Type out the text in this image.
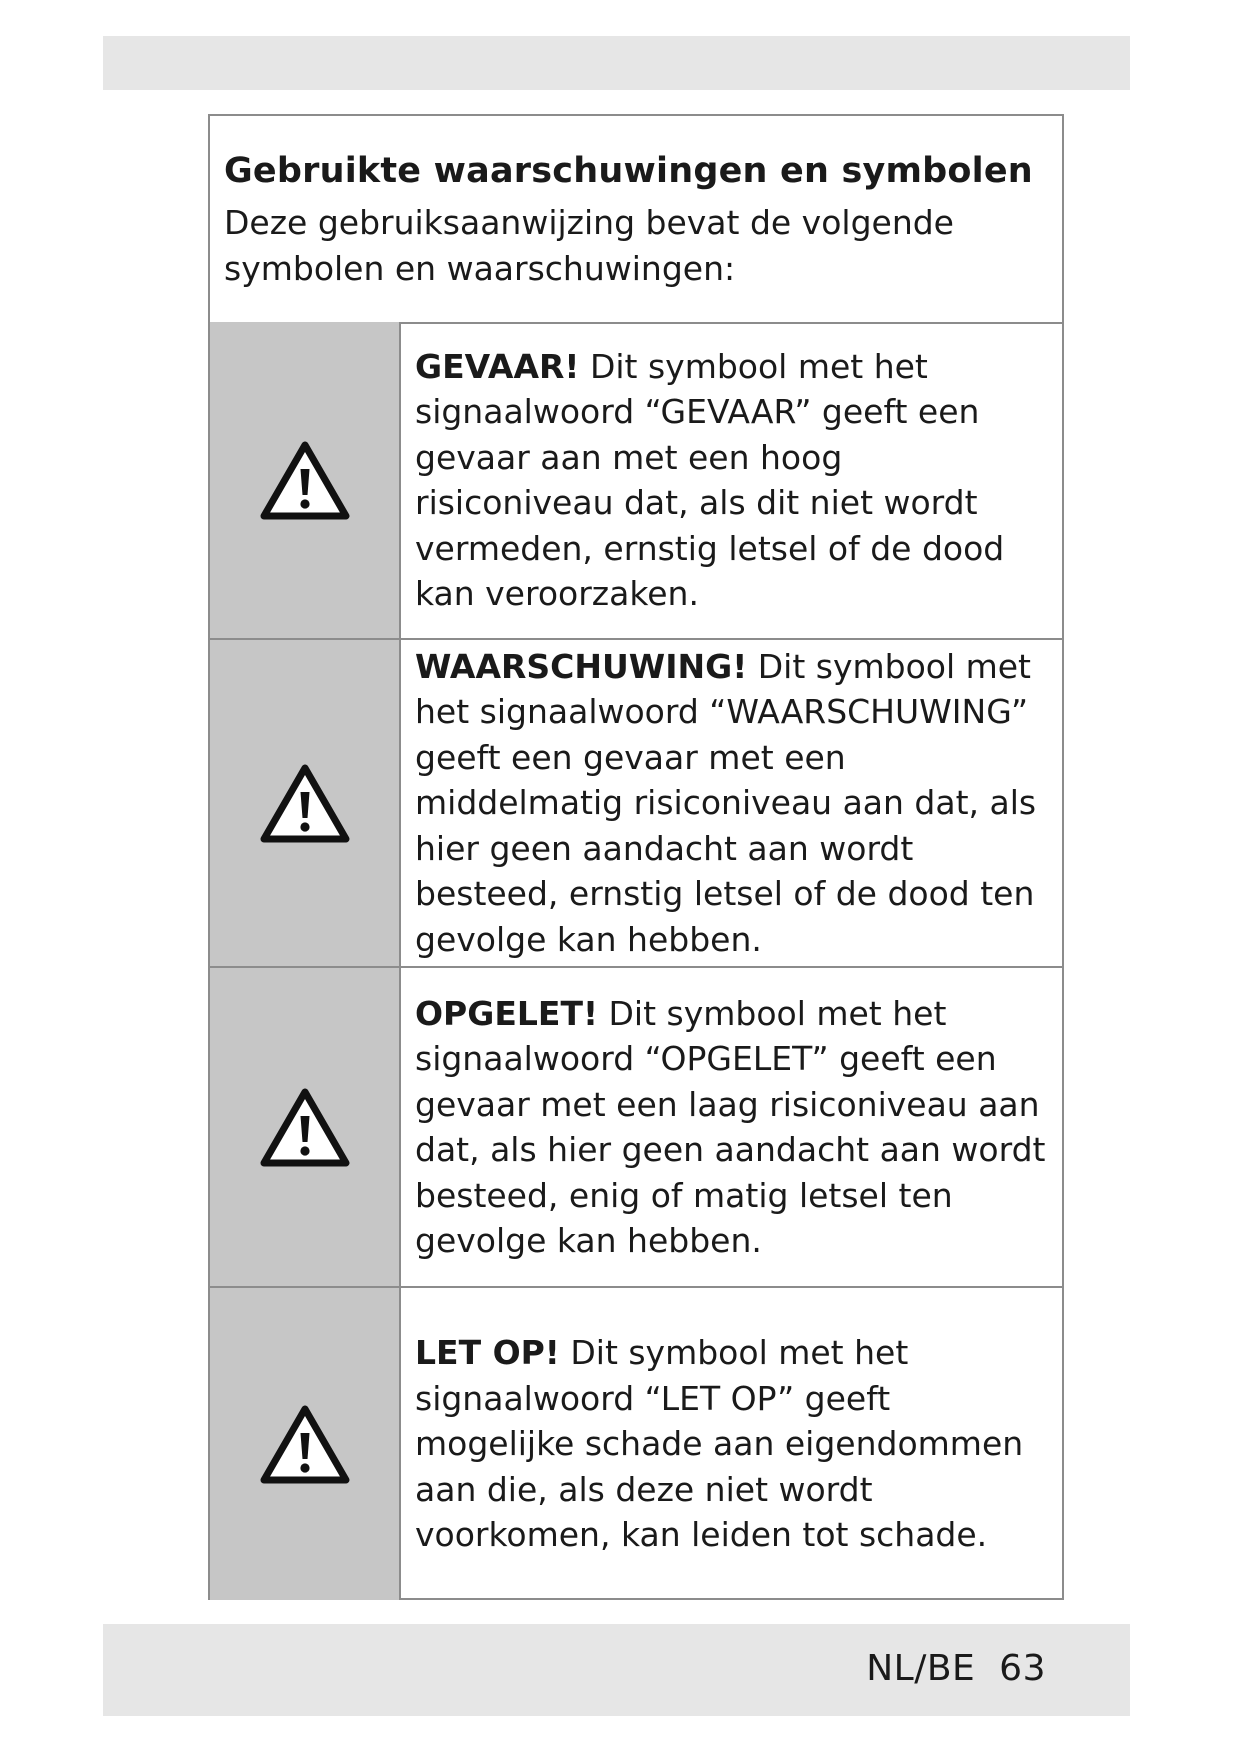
Gebruikte waarschuwingen en symbolen
Deze gebruiksaanwijzing bevat de volgende symbolen en waarschuwingen:

GEVAAR! Dit symbool met het signaalwoord “GEVAAR” geeft een gevaar aan met een hoog risiconiveau dat, als dit niet wordt vermeden, ernstig letsel of de dood kan veroorzaken.

WAARSCHUWING! Dit symbool met het signaalwoord “WAARSCHUWING” geeft een gevaar met een middelmatig risiconiveau aan dat, als hier geen aandacht aan wordt besteed, ernstig letsel of de dood ten gevolge kan hebben.

OPGELET! Dit symbool met het signaalwoord “OPGELET” geeft een gevaar met een laag risiconiveau aan dat, als hier geen aandacht aan wordt besteed, enig of matig letsel ten gevolge kan hebben.

LET OP! Dit symbool met het signaalwoord “LET OP” geeft mogelijke schade aan eigendommen aan die, als deze niet wordt voorkomen, kan leiden tot schade.

NL/BE  63
